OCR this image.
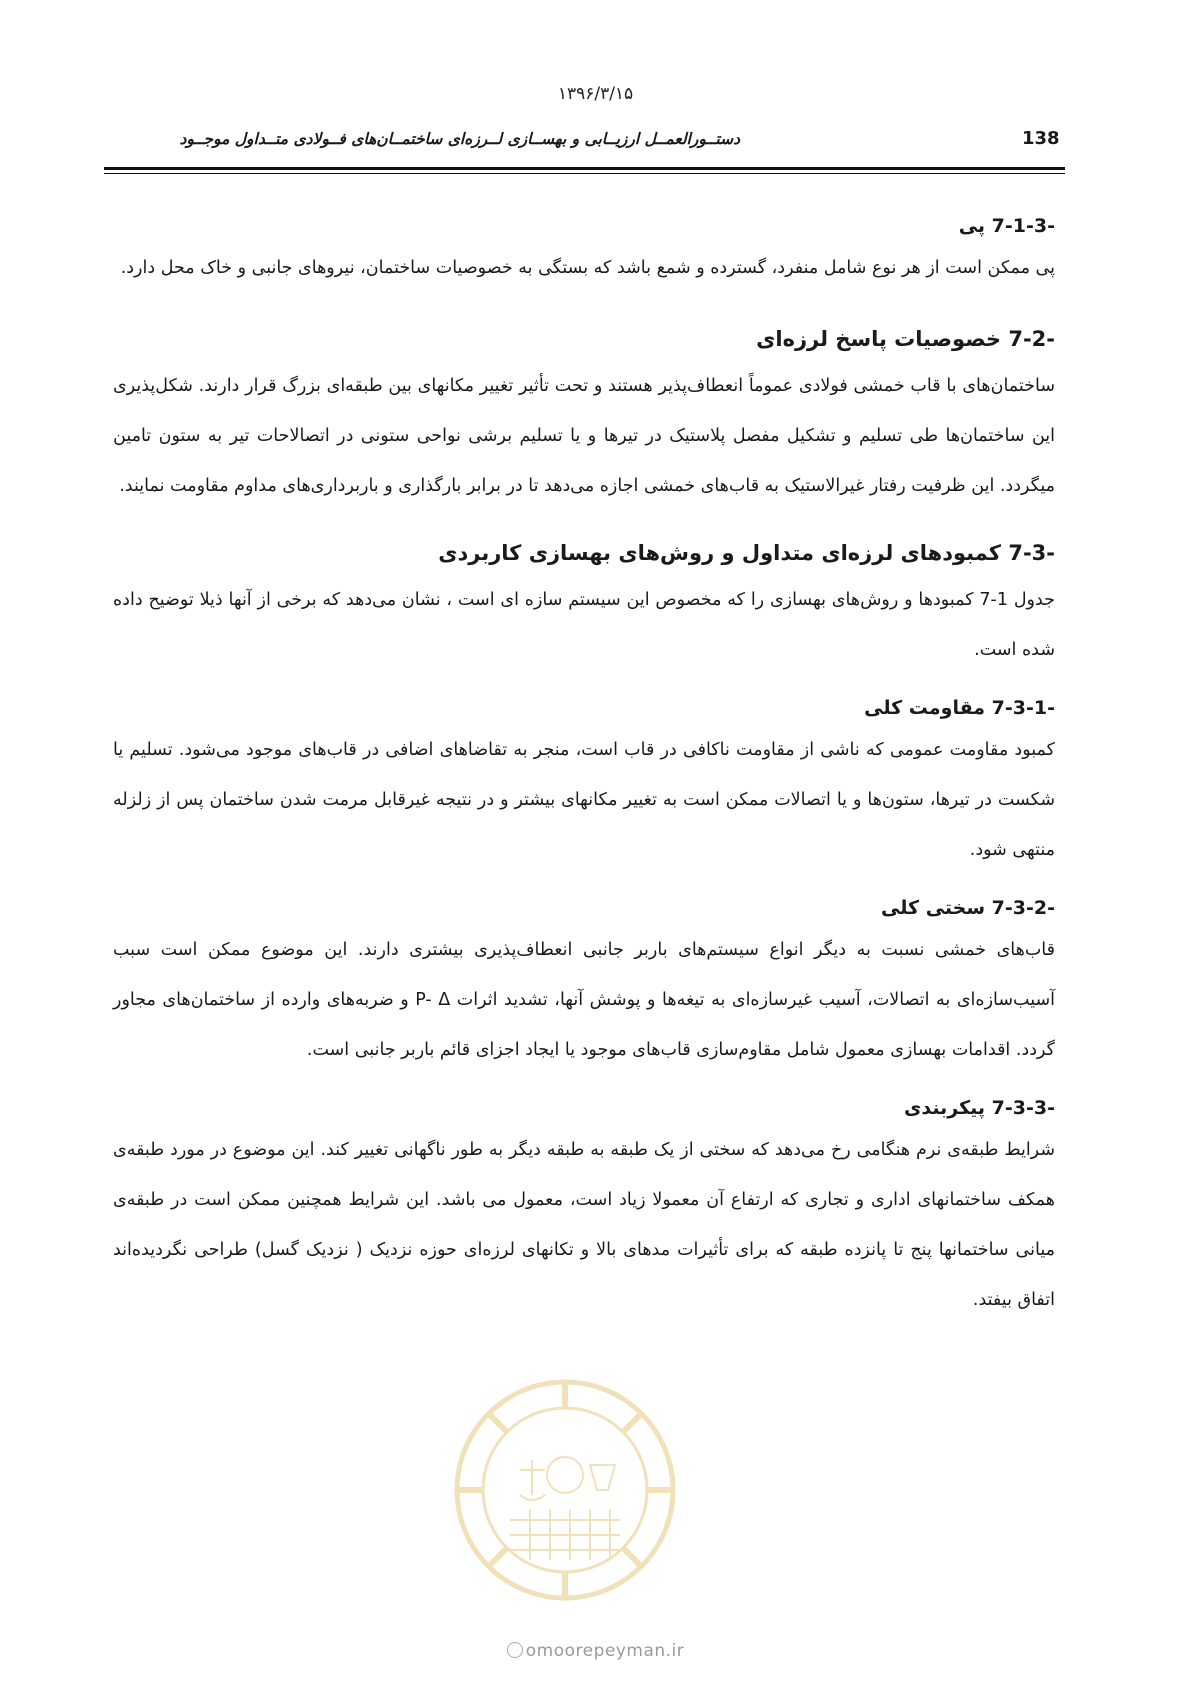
۱۳۹۶/۳/۱۵
دستــورالعمــل ارزیــابی و بهســازی لــرزه‌ای ساختمــان‌های فــولادی متــداول موجــود	138
7-1-3- پی

پی ممکن است از هر نوع شامل منفرد، گسترده و شمع باشد که بستگی به خصوصیات ساختمان، نیروهای جانبی و خاک محل دارد.

7-2- خصوصیات پاسخ لرزه‌ای

ساختمان‌های با قاب خمشی فولادی عموماً انعطاف‌پذیر هستند و تحت تأثیر تغییر مکانهای بین طبقه‌ای بزرگ قرار دارند. شکل‌پذیری این ساختمان‌ها طی تسلیم و تشکیل مفصل پلاستیک در تیرها و یا تسلیم برشی نواحی ستونی در اتصالاحات تیر به ستون تامین میگردد. این ظرفیت رفتار غیرالاستیک به قاب‌های خمشی اجازه می‌دهد تا در برابر بارگذاری و باربرداری‌های مداوم مقاومت نمایند.

7-3- کمبودهای لرزه‌ای متداول و روش‌های بهسازی کاربردی

جدول 7-1 کمبودها و روش‌های بهسازی را که مخصوص این سیستم سازه ای است ، نشان می‌دهد که برخی از آنها ذیلا توضیح داده شده است.

7-3-1- مقاومت کلی

کمبود مقاومت عمومی که ناشی از مقاومت ناکافی در قاب است، منجر به تقاضاهای اضافی در قاب‌های موجود می‌شود. تسلیم یا شکست در تیرها، ستون‌ها و یا اتصالات ممکن است به تغییر مکانهای بیشتر و در نتیجه غیرقابل مرمت شدن ساختمان پس از زلزله منتهی شود.

7-3-2- سختی کلی

قاب‌های خمشی نسبت به دیگر انواع سیستم‌های باربر جانبی انعطاف‌پذیری بیشتری دارند. این موضوع ممکن است سبب آسیب‌سازه‌ای به اتصالات، آسیب غیرسازه‌ای به تیغه‌ها و پوشش آنها، تشدید اثرات P- Δ و ضربه‌های وارده از ساختمان‌های مجاور گردد. اقدامات بهسازی معمول شامل مقاوم‌سازی قاب‌های موجود یا ایجاد اجزای قائم باربر جانبی است.

7-3-3- پیکربندی

شرایط طبقه‌ی نرم هنگامی رخ می‌دهد که سختی از یک طبقه به طبقه دیگر به طور ناگهانی تغییر کند. این موضوع در مورد طبقه‌ی همکف ساختمانهای اداری و تجاری که ارتفاع آن معمولا زیاد است، معمول می باشد. این شرایط همچنین ممکن است در طبقه‌ی میانی ساختمانها پنج تا پانزده طبقه که برای تأثیرات مدهای بالا و تکانهای لرزه‌ای حوزه نزدیک ( نزدیک گسل) طراحی نگردیده‌اند اتفاق بیفتد.

omoorepeyman.ir
